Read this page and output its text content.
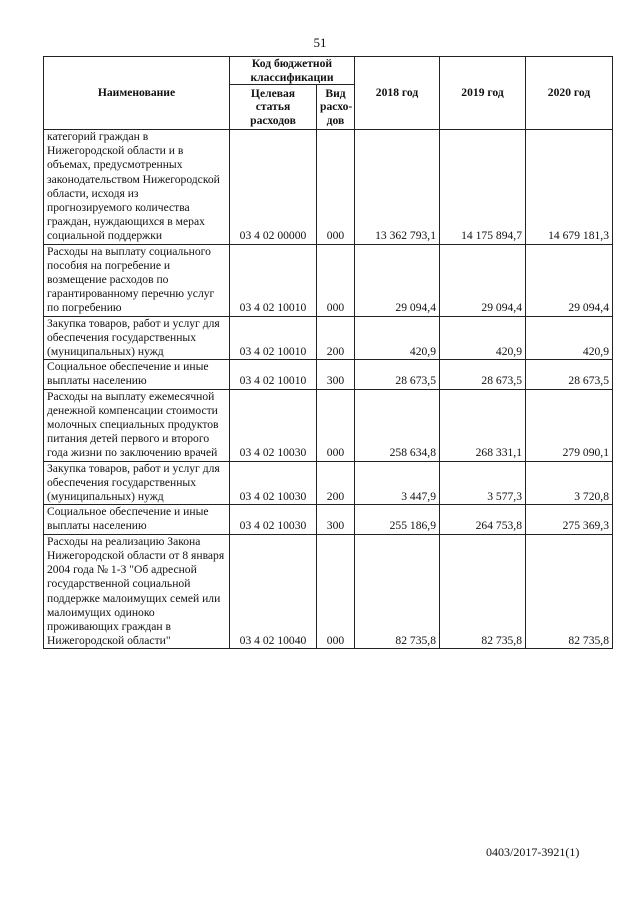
51
Наименование	Код бюджетной классификации		2018 год	2019 год	2020 год
	Целевая статья расходов	Вид расхо-дов			
категорий граждан в Нижегородской области и в объемах, предусмотренных законодательством Нижегородской области, исходя из прогнозируемого количества граждан, нуждающихся в мерах социальной поддержки	03 4 02 00000	000	13 362 793,1	14 175 894,7	14 679 181,3
Расходы на выплату социального пособия на погребение и возмещение расходов по гарантированному перечню услуг по погребению	03 4 02 10010	000	29 094,4	29 094,4	29 094,4
Закупка товаров, работ и услуг для обеспечения государственных (муниципальных) нужд	03 4 02 10010	200	420,9	420,9	420,9
Социальное обеспечение и иные выплаты населению	03 4 02 10010	300	28 673,5	28 673,5	28 673,5
Расходы на выплату ежемесячной денежной компенсации стоимости молочных специальных продуктов питания детей первого и второго года жизни по заключению врачей	03 4 02 10030	000	258 634,8	268 331,1	279 090,1
Закупка товаров, работ и услуг для обеспечения государственных (муниципальных) нужд	03 4 02 10030	200	3 447,9	3 577,3	3 720,8
Социальное обеспечение и иные выплаты населению	03 4 02 10030	300	255 186,9	264 753,8	275 369,3
Расходы на реализацию Закона Нижегородской области от 8 января 2004 года № 1-З "Об адресной государственной социальной поддержке малоимущих семей или малоимущих одиноко проживающих граждан в Нижегородской области"	03 4 02 10040	000	82 735,8	82 735,8	82 735,8
0403/2017-3921(1)
